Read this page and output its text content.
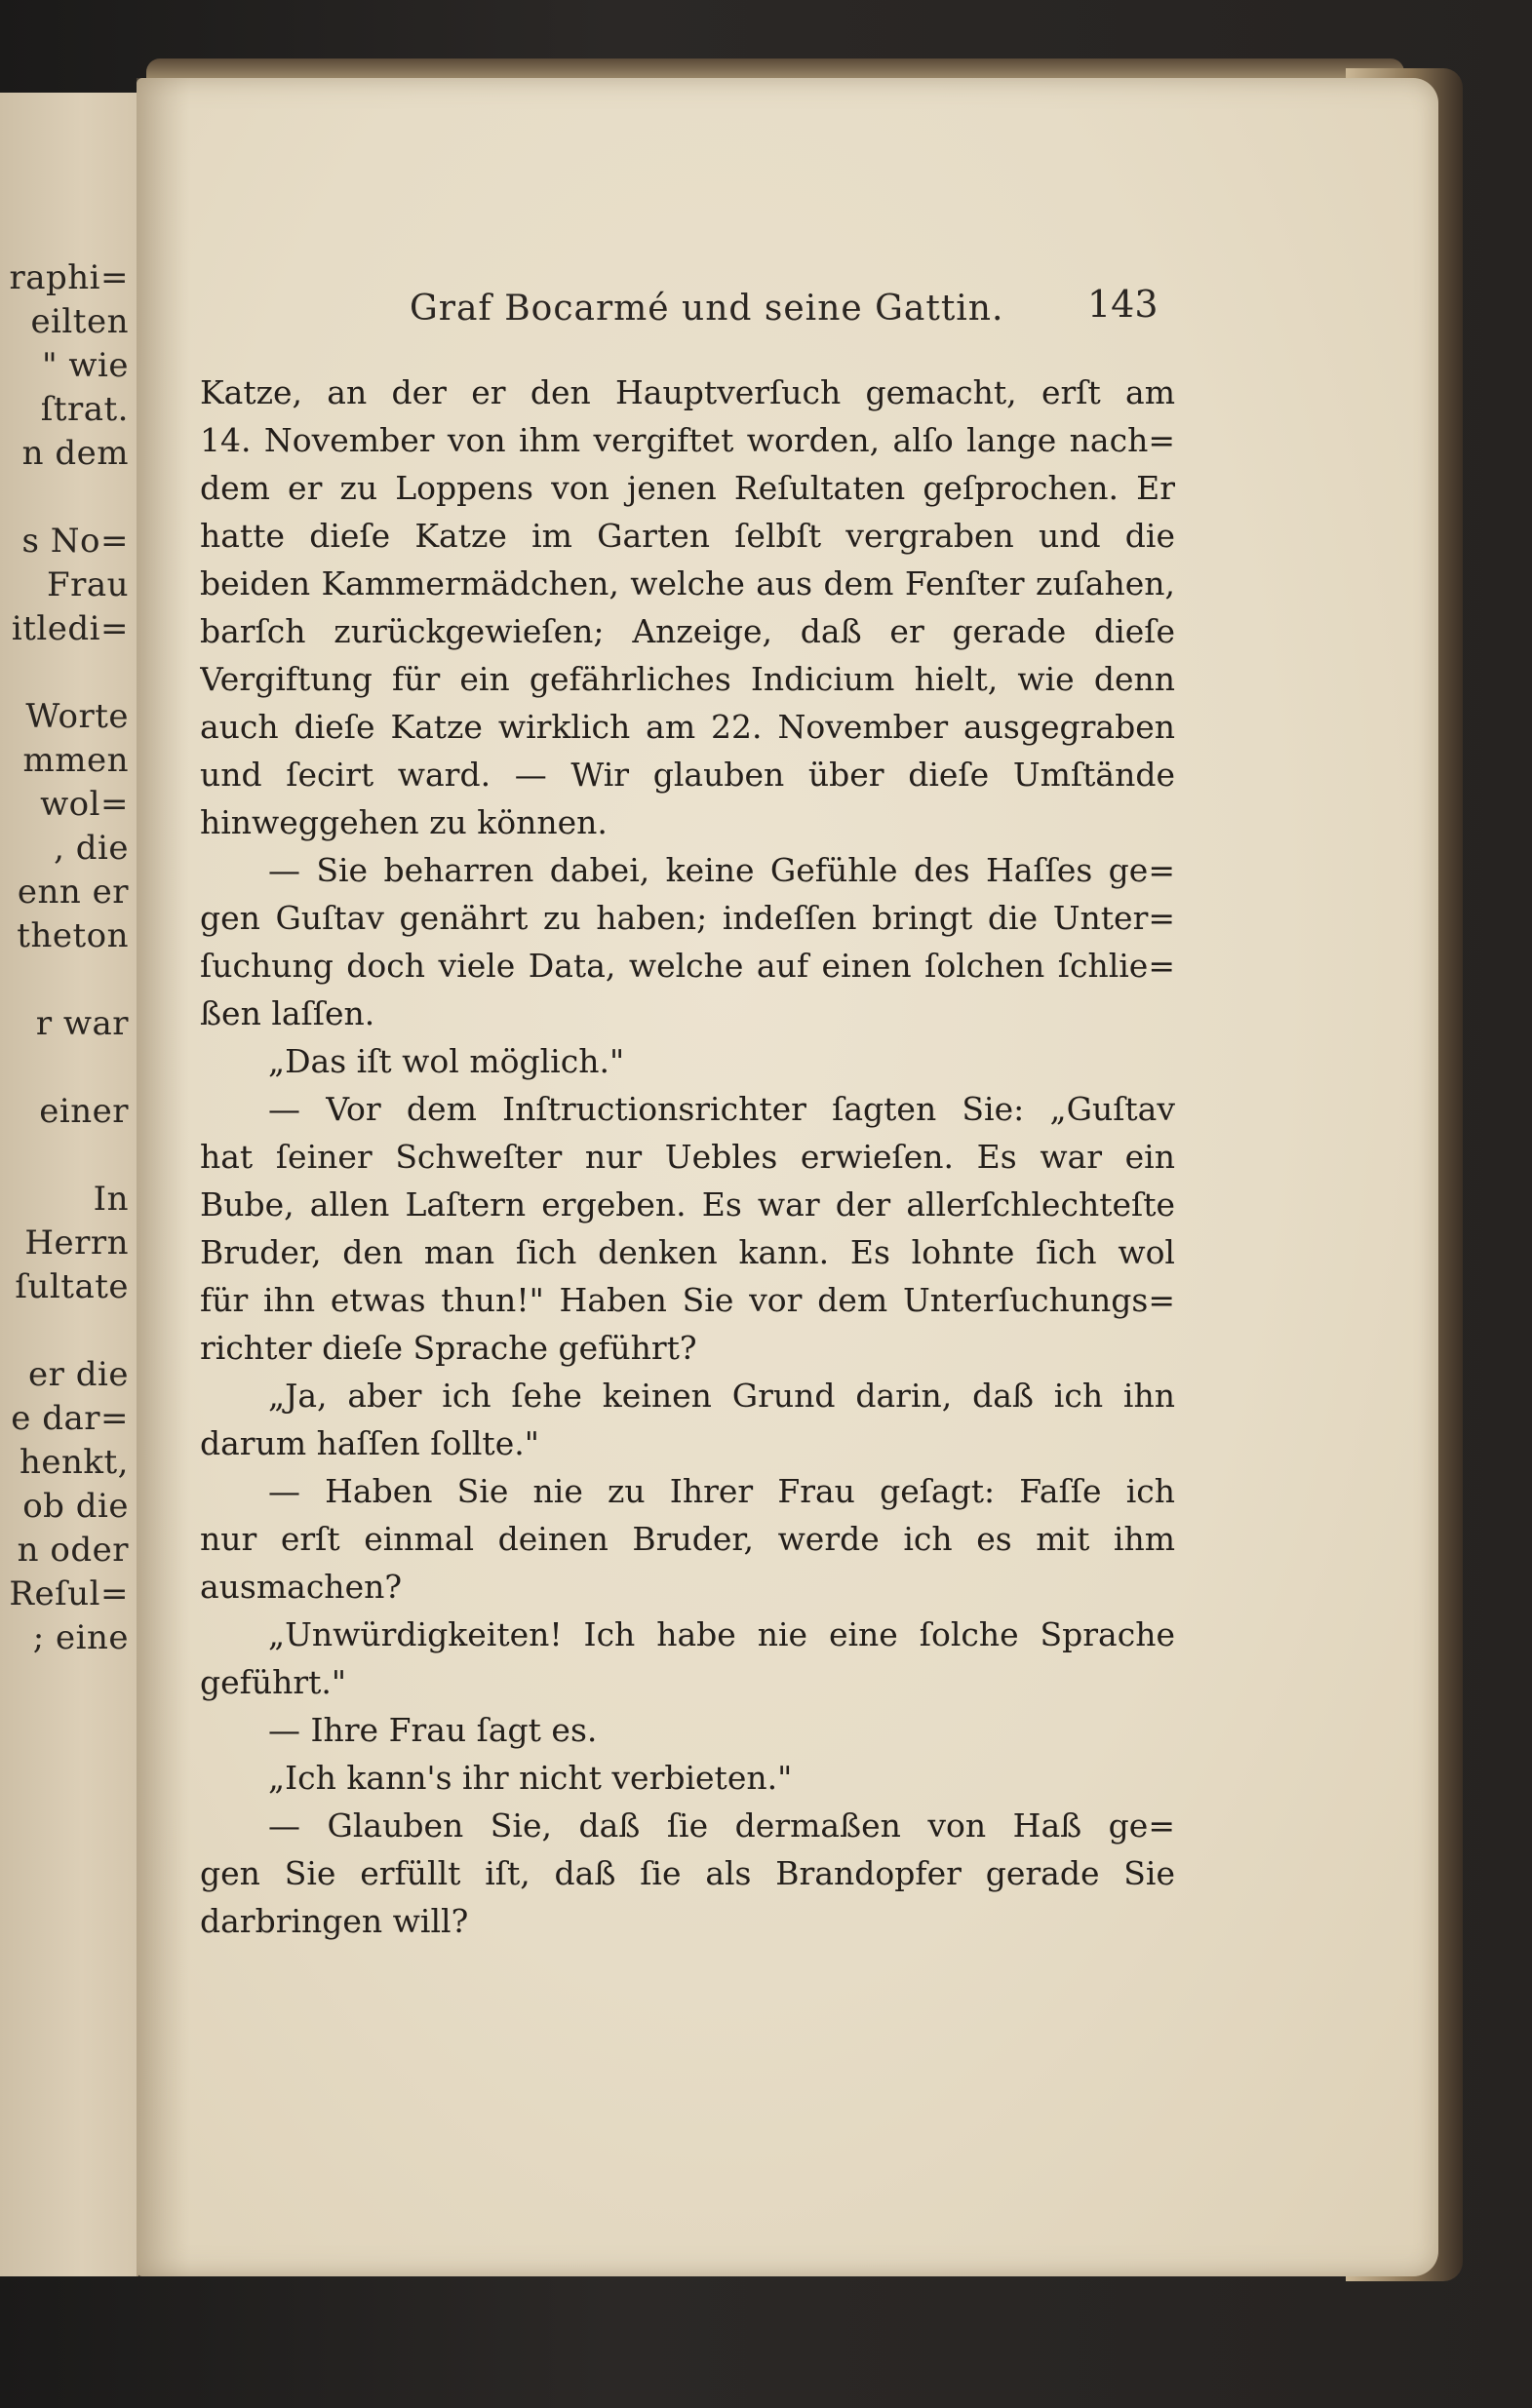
raphi=
eilten
" wie
ſtrat.
n dem
s No=
Frau
itledi=
Worte
mmen
wol=
, die
enn er
theton
r war
einer
In
Herrn
ſultate
er die
e dar=
henkt,
ob die
n oder
Reſul=
; eine
Graf Bocarmé und seine Gattin.	143
Katze, an der er den Hauptverſuch gemacht, erſt am
14. November von ihm vergiftet worden, alſo lange nach=
dem er zu Loppens von jenen Reſultaten geſprochen. Er
hatte dieſe Katze im Garten ſelbſt vergraben und die
beiden Kammermädchen, welche aus dem Fenſter zuſahen,
barſch zurückgewieſen; Anzeige, daß er gerade dieſe
Vergiftung für ein gefährliches Indicium hielt, wie denn
auch dieſe Katze wirklich am 22. November ausgegraben
und ſecirt ward. — Wir glauben über dieſe Umſtände
hinweggehen zu können.
— Sie beharren dabei, keine Gefühle des Haſſes ge=
gen Guſtav genährt zu haben; indeſſen bringt die Unter=
ſuchung doch viele Data, welche auf einen ſolchen ſchlie=
ßen laſſen.
„Das iſt wol möglich."
— Vor dem Inſtructionsrichter ſagten Sie: „Guſtav
hat ſeiner Schweſter nur Uebles erwieſen. Es war ein
Bube, allen Laſtern ergeben. Es war der allerſchlechteſte
Bruder, den man ſich denken kann. Es lohnte ſich wol
für ihn etwas thun!" Haben Sie vor dem Unterſuchungs=
richter dieſe Sprache geführt?
„Ja, aber ich ſehe keinen Grund darin, daß ich ihn
darum haſſen ſollte."
— Haben Sie nie zu Ihrer Frau geſagt: Faſſe ich
nur erſt einmal deinen Bruder, werde ich es mit ihm
ausmachen?
„Unwürdigkeiten! Ich habe nie eine ſolche Sprache
geführt."
— Ihre Frau ſagt es.
„Ich kann's ihr nicht verbieten."
— Glauben Sie, daß ſie dermaßen von Haß ge=
gen Sie erfüllt iſt, daß ſie als Brandopfer gerade Sie
darbringen will?
